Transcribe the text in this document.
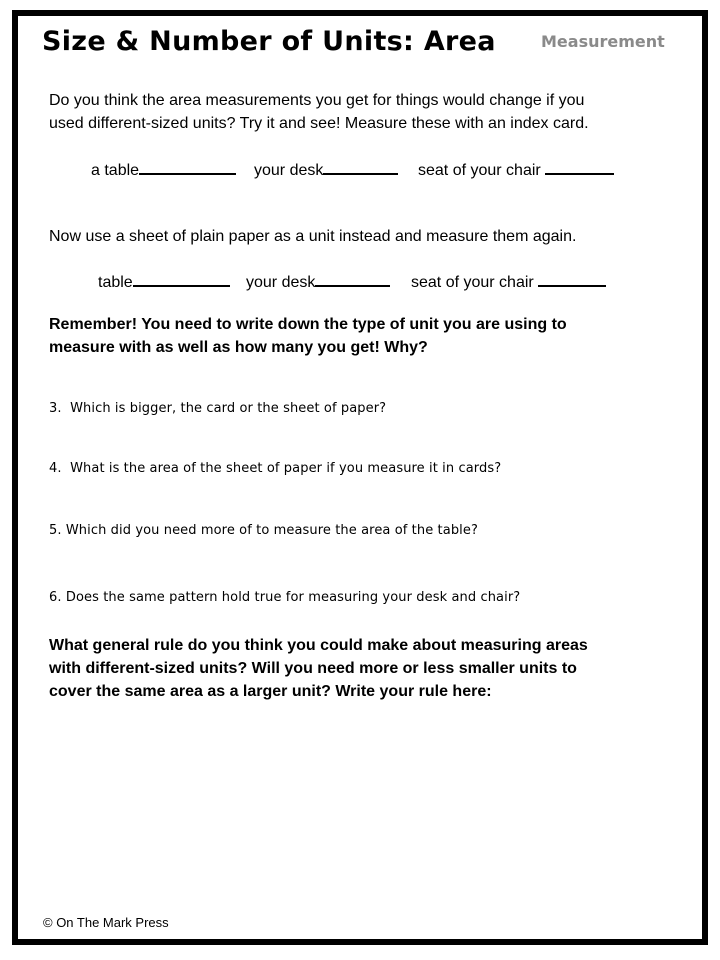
Size & Number of Units: Area	Measurement
Do you think the area measurements you get for things would change if you
used different-sized units? Try it and see! Measure these with an index card.
a table	your desk	seat of your chair
Now use a sheet of plain paper as a unit instead and measure them again.
table	your desk	seat of your chair
Remember! You need to write down the type of unit you are using to
measure with as well as how many you get! Why?
3. Which is bigger, the card or the sheet of paper?
4. What is the area of the sheet of paper if you measure it in cards?
5. Which did you need more of to measure the area of the table?
6. Does the same pattern hold true for measuring your desk and chair?
What general rule do you think you could make about measuring areas
with different-sized units? Will you need more or less smaller units to
cover the same area as a larger unit? Write your rule here:
© On The Mark Press
